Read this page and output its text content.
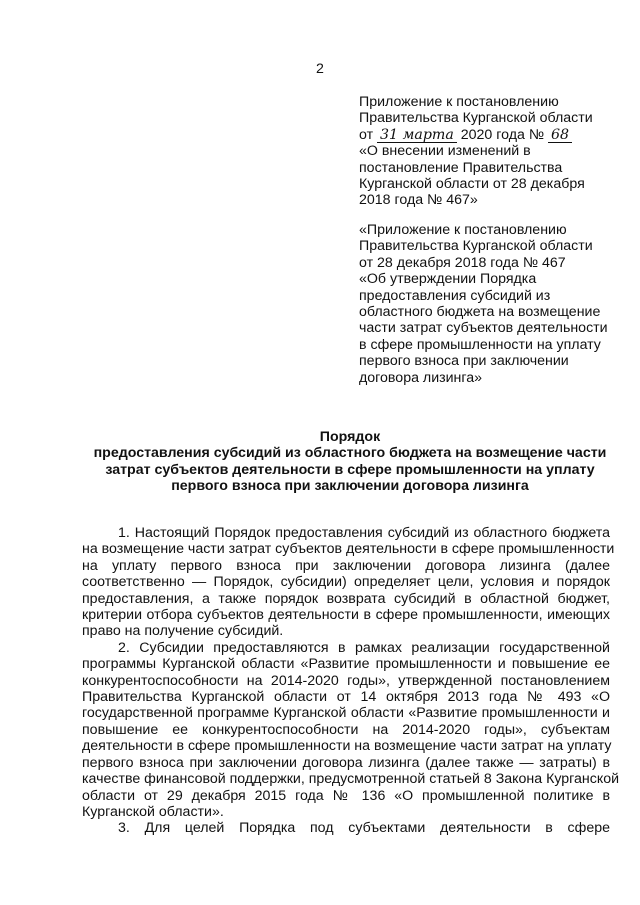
2
Приложение к постановлению
Правительства Курганской области
от 31 марта 2020 года № 68
«О внесении изменений в
постановление Правительства
Курганской области от 28 декабря
2018 года № 467»
«Приложение к постановлению
Правительства Курганской области
от 28 декабря 2018 года № 467
«Об утверждении Порядка
предоставления субсидий из
областного бюджета на возмещение
части затрат субъектов деятельности
в сфере промышленности на уплату
первого взноса при заключении
договора лизинга»
Порядок
предоставления субсидий из областного бюджета на возмещение части
затрат субъектов деятельности в сфере промышленности на уплату
первого взноса при заключении договора лизинга
1. Настоящий Порядок предоставления субсидий из областного бюджета
на возмещение части затрат субъектов деятельности в сфере промышленности
на уплату первого взноса при заключении договора лизинга (далее
соответственно — Порядок, субсидии) определяет цели, условия и порядок
предоставления, а также порядок возврата субсидий в областной бюджет,
критерии отбора субъектов деятельности в сфере промышленности, имеющих
право на получение субсидий.
2. Субсидии предоставляются в рамках реализации государственной
программы Курганской области «Развитие промышленности и повышение ее
конкурентоспособности на 2014-2020 годы», утвержденной постановлением
Правительства Курганской области от 14 октября 2013 года № 493 «О
государственной программе Курганской области «Развитие промышленности и
повышение ее конкурентоспособности на 2014-2020 годы», субъектам
деятельности в сфере промышленности на возмещение части затрат на уплату
первого взноса при заключении договора лизинга (далее также — затраты) в
качестве финансовой поддержки, предусмотренной статьей 8 Закона Курганской
области от 29 декабря 2015 года № 136 «О промышленной политике в
Курганской области».
3. Для целей Порядка под субъектами деятельности в сфере
